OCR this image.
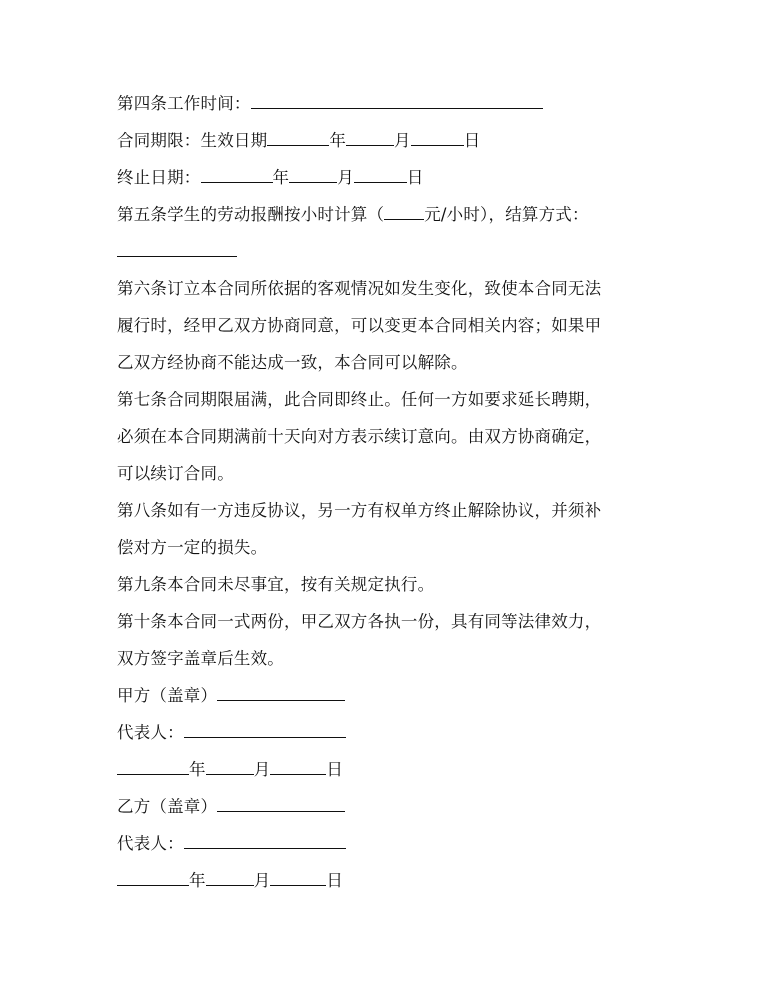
第四条工作时间：
合同期限：生效日期	年	月	日
终止日期：	年	月	日
第五条学生的劳动报酬按小时计算（ 元/小时），结算方式：
第六条订立本合同所依据的客观情况如发生变化，致使本合同无法
履行时，经甲乙双方协商同意，可以变更本合同相关内容；如果甲
乙双方经协商不能达成一致，本合同可以解除。
第七条合同期限届满，此合同即终止。任何一方如要求延长聘期，
必须在本合同期满前十天向对方表示续订意向。由双方协商确定，
可以续订合同。
第八条如有一方违反协议，另一方有权单方终止解除协议，并须补
偿对方一定的损失。
第九条本合同未尽事宜，按有关规定执行。
第十条本合同一式两份，甲乙双方各执一份，具有同等法律效力，
双方签字盖章后生效。
甲方（盖章）
代表人：
年	月	日
乙方（盖章）
代表人：
年	月	日
